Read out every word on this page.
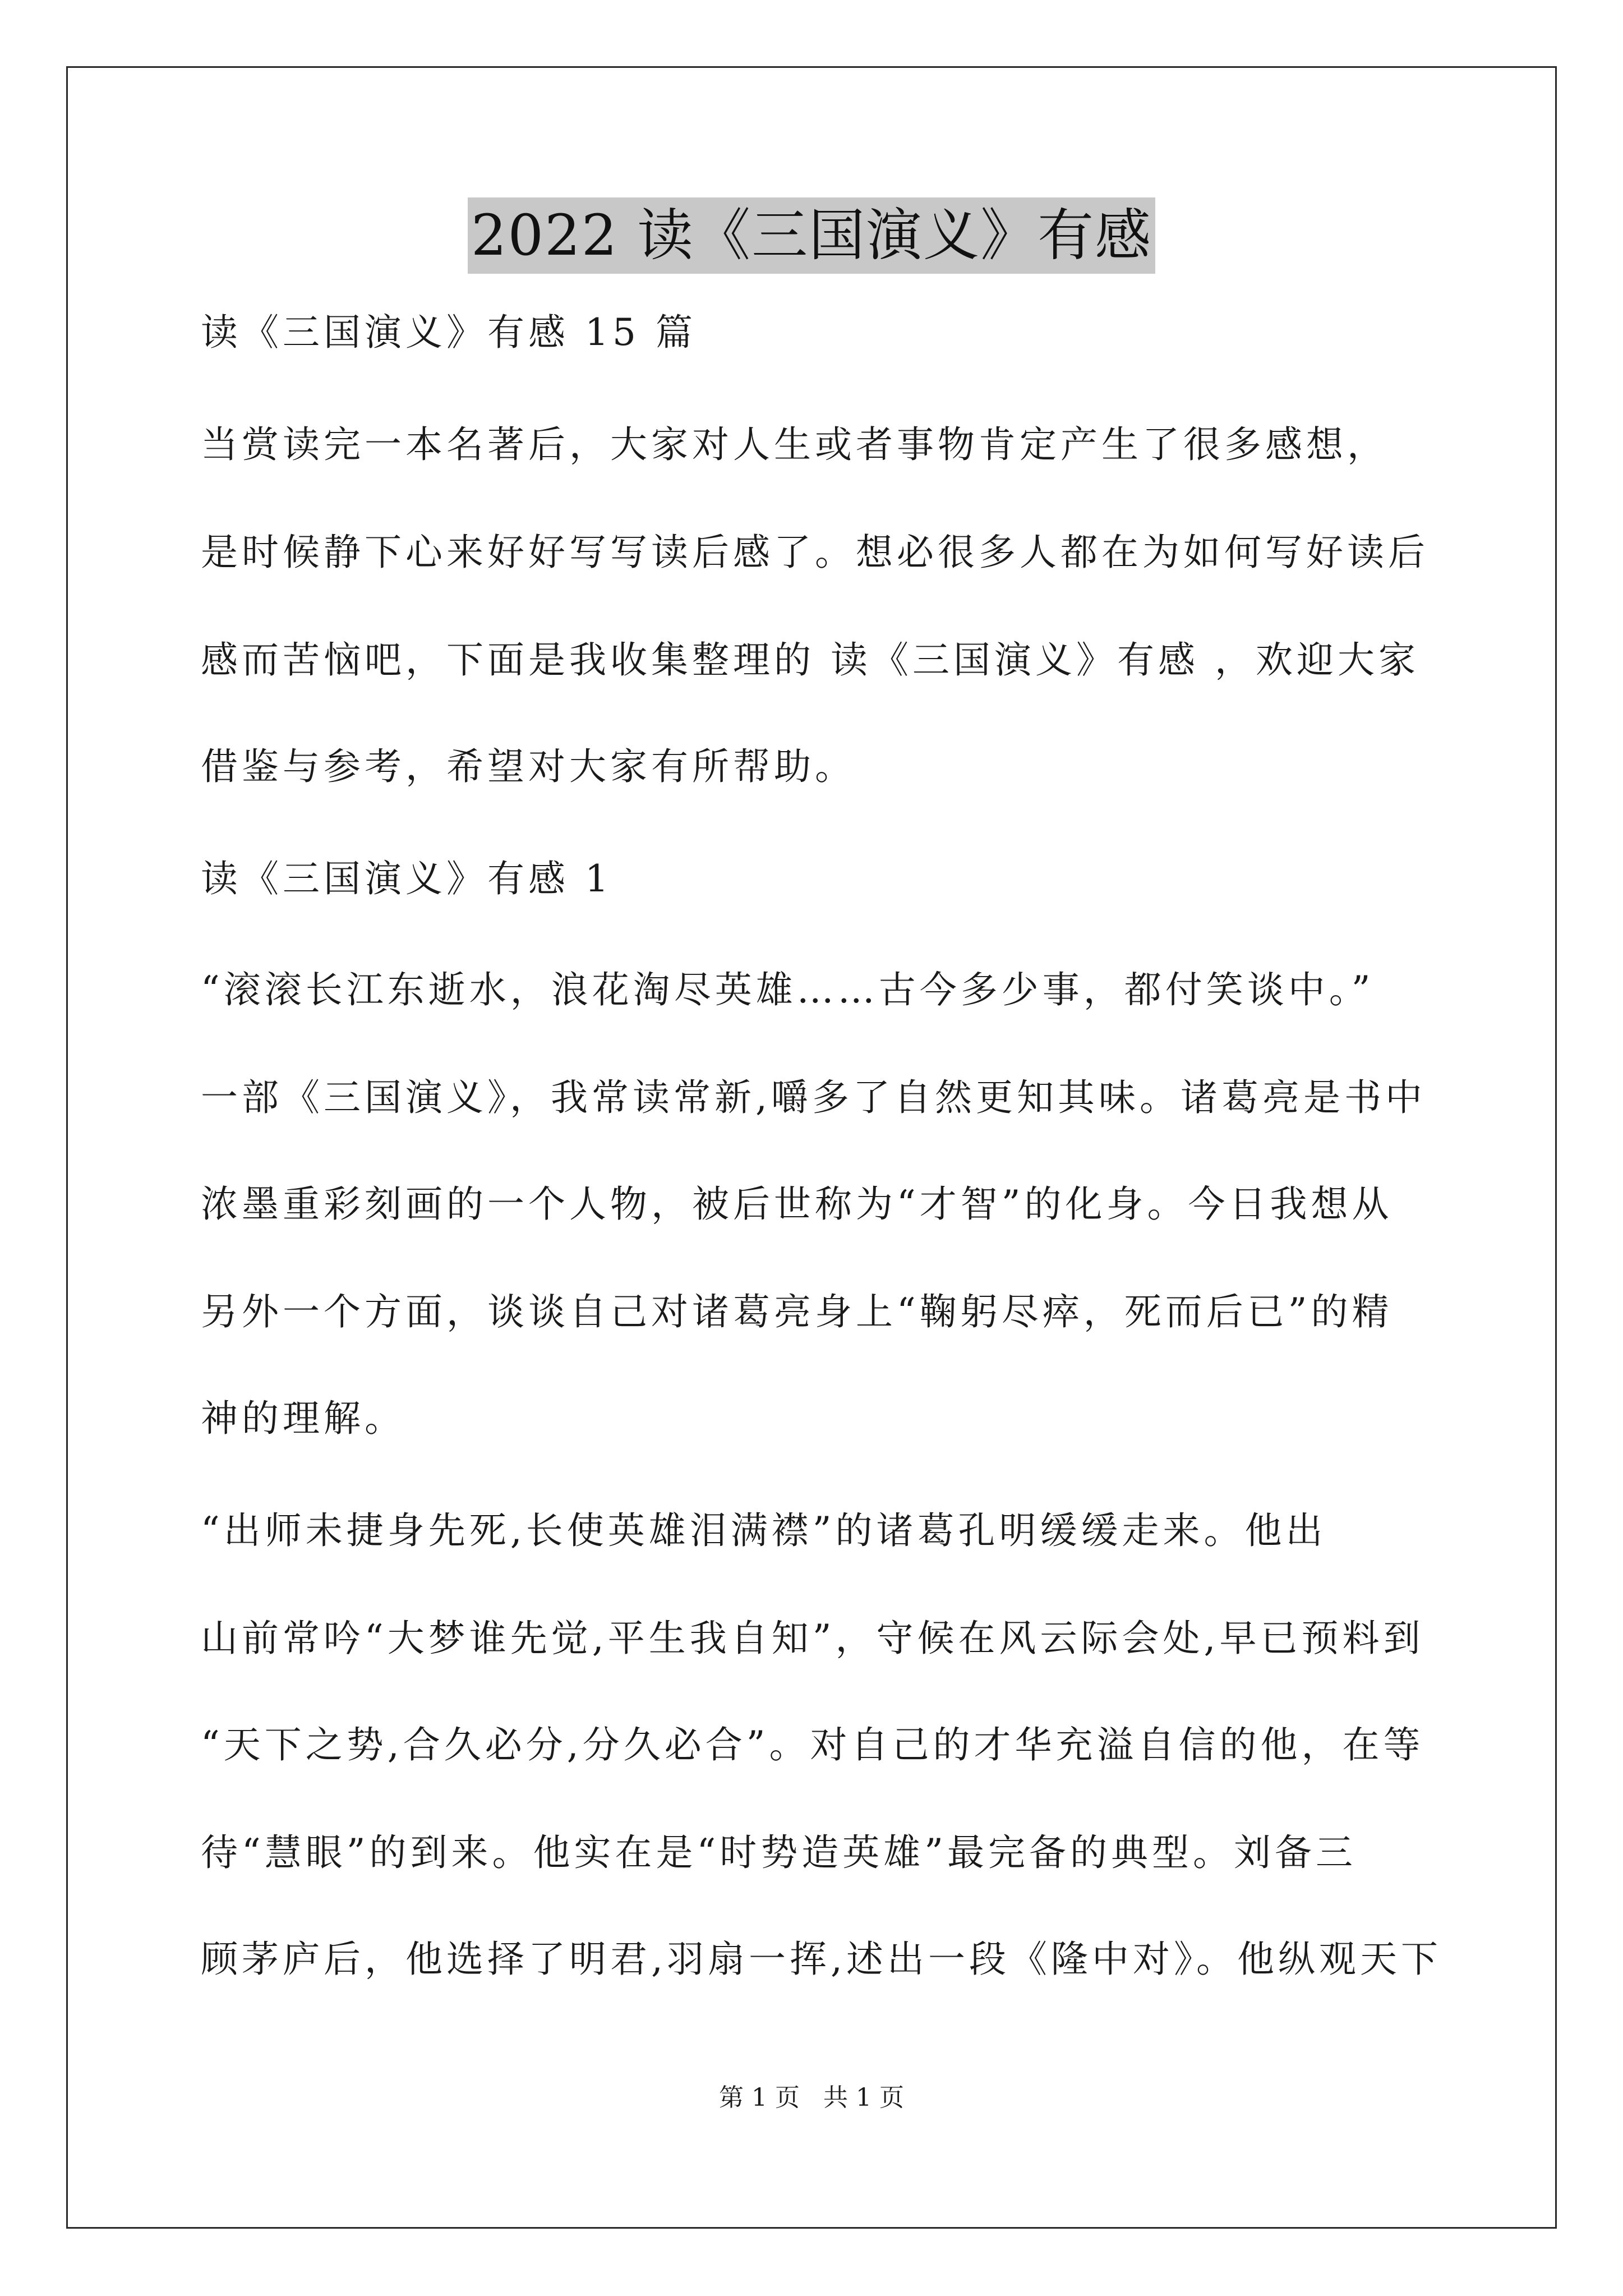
2022 读《三国演义》有感
读《三国演义》有感 15 篇
当赏读完一本名著后，大家对人生或者事物肯定产生了很多感想，
是时候静下心来好好写写读后感了。想必很多人都在为如何写好读后
感而苦恼吧，下面是我收集整理的 读《三国演义》有感 ，欢迎大家
借鉴与参考，希望对大家有所帮助。
读《三国演义》有感 1
“滚滚长江东逝水，浪花淘尽英雄……古今多少事，都付笑谈中。”
一部《三国演义》，我常读常新,嚼多了自然更知其味。诸葛亮是书中
浓墨重彩刻画的一个人物，被后世称为“才智”的化身。今日我想从
另外一个方面，谈谈自己对诸葛亮身上“鞠躬尽瘁，死而后已”的精
神的理解。
“出师未捷身先死,长使英雄泪满襟”的诸葛孔明缓缓走来。他出
山前常吟“大梦谁先觉,平生我自知”，守候在风云际会处,早已预料到
“天下之势,合久必分,分久必合”。对自己的才华充溢自信的他，在等
待“慧眼”的到来。他实在是“时势造英雄”最完备的典型。刘备三
顾茅庐后，他选择了明君,羽扇一挥,述出一段《隆中对》。他纵观天下
第 1 页 共 1 页
